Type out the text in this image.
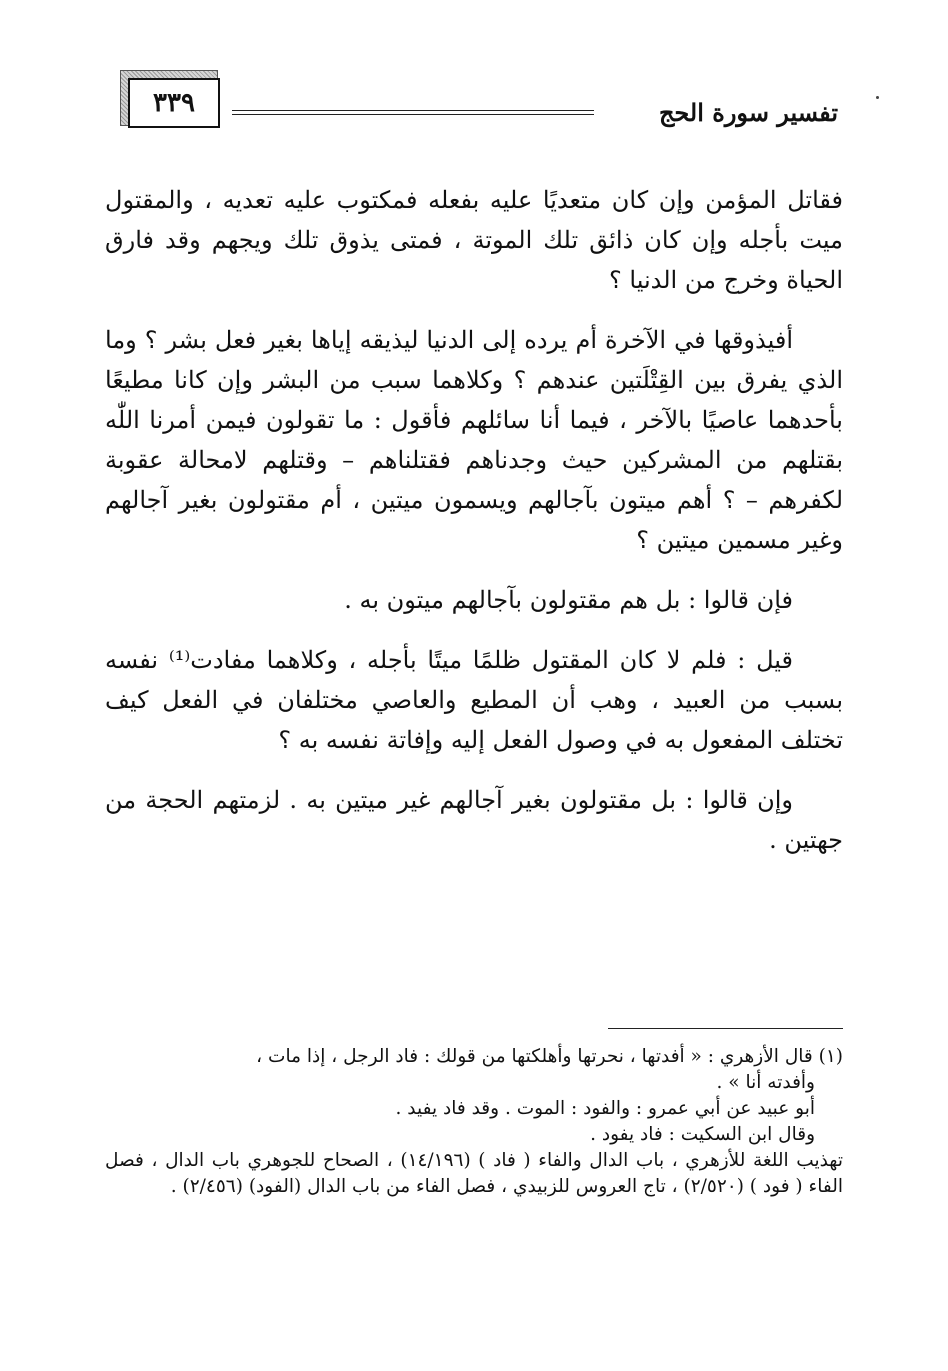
٣٣٩	تفسير سورة الحج

فقاتل المؤمن وإن كان متعديًا عليه بفعله فمكتوب عليه تعديه ، والمقتول ميت بأجله وإن كان ذائق تلك الموتة ، فمتى يذوق تلك ويجهم وقد فارق الحياة وخرج من الدنيا ؟

أفيذوقها في الآخرة أم يرده إلى الدنيا ليذيقه إياها بغير فعل بشر ؟ وما الذي يفرق بين القِتْلَتين عندهم ؟ وكلاهما سبب من البشر وإن كانا مطيعًا بأحدهما عاصيًا بالآخر ، فيما أنا سائلهم فأقول : ما تقولون فيمن أمرنا اللّٰه بقتلهم من المشركين حيث وجدناهم فقتلناهم – وقتلهم لامحالة عقوبة لكفرهم – ؟ أهم ميتون بآجالهم ويسمون ميتين ، أم مقتولون بغير آجالهم وغير مسمين ميتين ؟

فإن قالوا : بل هم مقتولون بآجالهم ميتون به .

قيل : فلم لا كان المقتول ظلمًا ميتًا بأجله ، وكلاهما مفادت⁽¹⁾ نفسه بسبب من العبيد ، وهب أن المطيع والعاصي مختلفان في الفعل كيف تختلف المفعول به في وصول الفعل إليه وإفاتة نفسه به ؟

وإن قالوا : بل مقتولون بغير آجالهم غير ميتين به . لزمتهم الحجة من جهتين .

(١) قال الأزهري : « أفدتها ، نحرتها وأهلكتها من قولك : فاد الرجل ، إذا مات ،

وأفدته أنا » .

أبو عبيد عن أبي عمرو : والفود : الموت . وقد فاد يفيد .

وقال ابن السكيت : فاد يفود .

تهذيب اللغة للأزهري ، باب الدال والفاء ( فاد ) (١٤/١٩٦) ، الصحاح للجوهري باب الدال ، فصل الفاء ( فود ) (٢/٥٢٠) ، تاج العروس للزبيدي ، فصل الفاء من باب الدال (الفود) (٢/٤٥٦) .
